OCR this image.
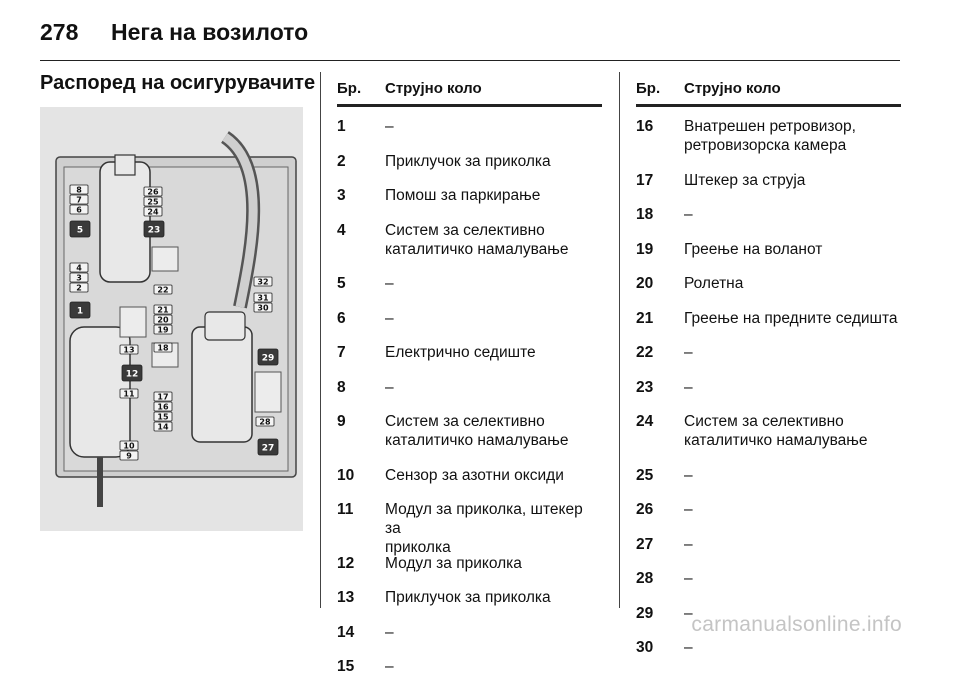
278 Нега на возилото
Распоред на осигурувачите
1
5
12
23
27
29
2
3
4
6
7
8
9
10
11
13
14
15
16
17
18
19
20
21
22
24
25
26
28
30
31
32
Бр. Струјно коло
1	–
2	Приклучок за приколка
3	Помош за паркирање
4	Систем за селективно
каталитичко намалување
5	–
6	–
7	Електрично седиште
8	–
9	Систем за селективно
каталитичко намалување
10 Сензор за азотни оксиди
11 Модул за приколка, штекер за
приколка
12 Модул за приколка
13 Приклучок за приколка
14 –
15 –
Бр. Струјно коло
16 Внатрешен ретровизор,
ретровизорска камера
17 Штекер за струја
18 –
19 Греење на воланот
20 Ролетна
21 Греење на предните седишта
22 –
23 –
24 Систем за селективно
каталитичко намалување
25 –
26 –
27 –
28 –
29 –
30 –
carmanualsonline.info
